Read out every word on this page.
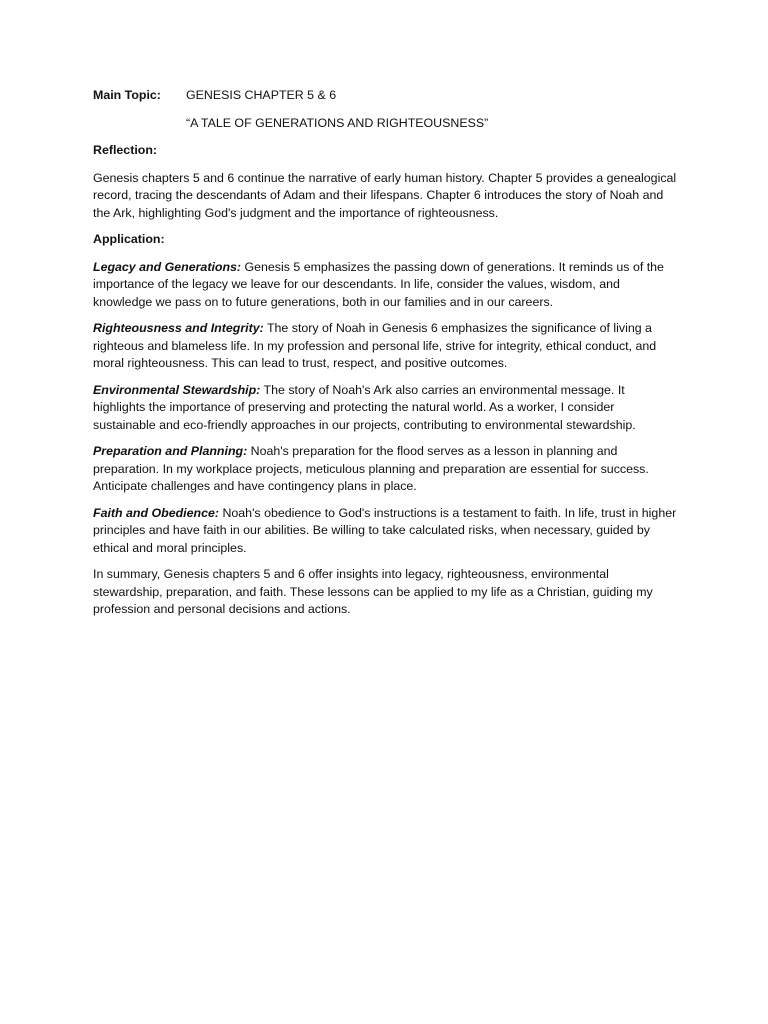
Main Topic:	GENESIS CHAPTER 5 & 6
“A TALE OF GENERATIONS AND RIGHTEOUSNESS”
Reflection:

Genesis chapters 5 and 6 continue the narrative of early human history. Chapter 5 provides a genealogical record, tracing the descendants of Adam and their lifespans. Chapter 6 introduces the story of Noah and the Ark, highlighting God's judgment and the importance of righteousness.

Application:

Legacy and Generations: Genesis 5 emphasizes the passing down of generations. It reminds us of the importance of the legacy we leave for our descendants. In life, consider the values, wisdom, and knowledge we pass on to future generations, both in our families and in our careers.

Righteousness and Integrity: The story of Noah in Genesis 6 emphasizes the significance of living a righteous and blameless life. In my profession and personal life, strive for integrity, ethical conduct, and moral righteousness. This can lead to trust, respect, and positive outcomes.

Environmental Stewardship: The story of Noah's Ark also carries an environmental message. It highlights the importance of preserving and protecting the natural world. As a worker, I consider sustainable and eco-friendly approaches in our projects, contributing to environmental stewardship.

Preparation and Planning: Noah's preparation for the flood serves as a lesson in planning and preparation. In my workplace projects, meticulous planning and preparation are essential for success. Anticipate challenges and have contingency plans in place.

Faith and Obedience: Noah's obedience to God's instructions is a testament to faith. In life, trust in higher principles and have faith in our abilities. Be willing to take calculated risks, when necessary, guided by ethical and moral principles.

In summary, Genesis chapters 5 and 6 offer insights into legacy, righteousness, environmental stewardship, preparation, and faith. These lessons can be applied to my life as a Christian, guiding my profession and personal decisions and actions.
